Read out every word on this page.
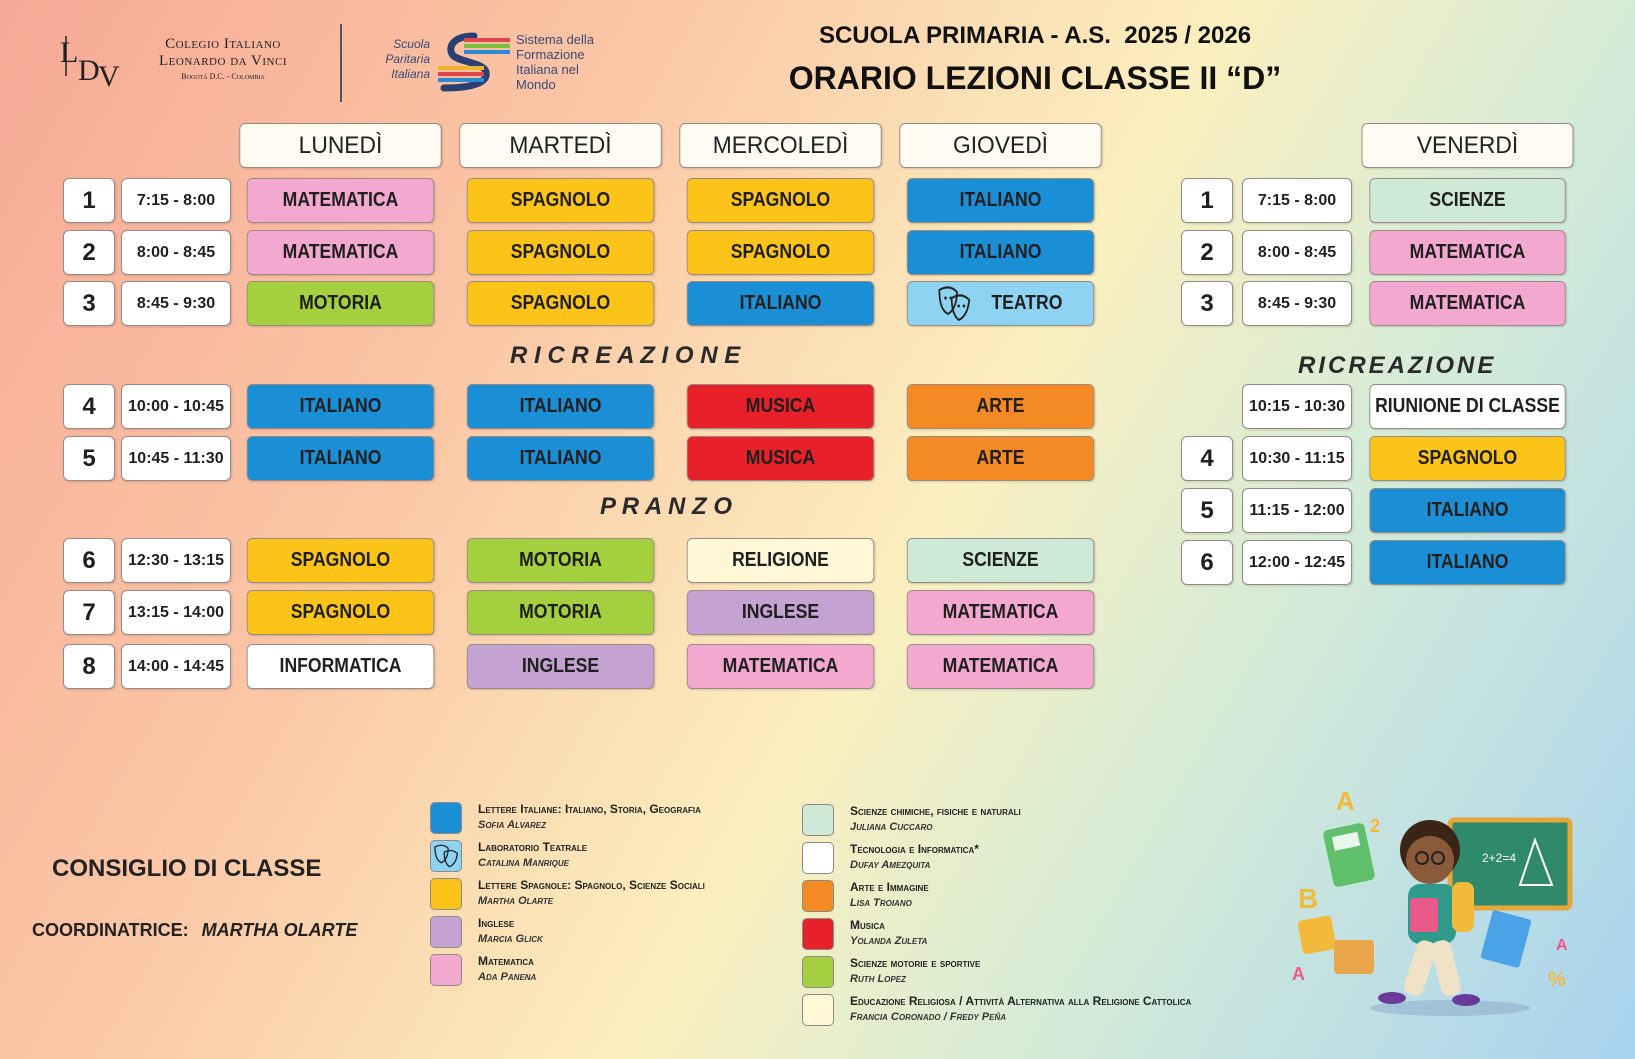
L
D
V
Colegio Italiano
Leonardo da Vinci
Bogotá D.C. - Colombia
Scuola
Paritaria
Italiana
Sistema della
Formazione
Italiana nel
Mondo
SCUOLA PRIMARIA - A.S.  2025 / 2026
ORARIO LEZIONI CLASSE II “D”
LUNEDÌ	MARTEDÌ	MERCOLEDÌ	GIOVEDÌ
1	7:15 - 8:00	MATEMATICA	SPAGNOLO	SPAGNOLO	ITALIANO
2	8:00 - 8:45	MATEMATICA	SPAGNOLO	SPAGNOLO	ITALIANO
3	8:45 - 9:30	MOTORIA	SPAGNOLO	ITALIANO	TEATRO
4	10:00 - 10:45	ITALIANO	ITALIANO	MUSICA	ARTE
5	10:45 - 11:30	ITALIANO	ITALIANO	MUSICA	ARTE
6	12:30 - 13:15	SPAGNOLO	MOTORIA	RELIGIONE	SCIENZE
7	13:15 - 14:00	SPAGNOLO	MOTORIA	INGLESE	MATEMATICA
8	14:00 - 14:45	INFORMATICA	INGLESE	MATEMATICA	MATEMATICA
R I C R E A Z I O N E
P R A N Z O
VENERDÌ
RICREAZIONE
1	7:15 - 8:00	SCIENZE
2	8:00 - 8:45	MATEMATICA
3	8:45 - 9:30	MATEMATICA
10:15 - 10:30	RIUNIONE DI CLASSE
4	10:30 - 11:15	SPAGNOLO
5	11:15 - 12:00	ITALIANO
6	12:00 - 12:45	ITALIANO
CONSIGLIO DI CLASSE
COORDINATRICE: MARTHA OLARTE
Lettere Italiane: Italiano, Storia, Geografia
Sofia Alvarez
Laboratorio Teatrale
Catalina Manrique
Lettere Spagnole: Spagnolo, Scienze Sociali
Martha Olarte
Inglese
Marcia Glick
Matematica
Ada Panena
Scienze chimiche, fisiche e naturali
Juliana Cuccaro
Tecnologia e Informatica*
Dufay Amezquita
Arte e Immagine
Lisa Troiano
Musica
Yolanda Zuleta
Scienze motorie e sportive
Ruth Lopez
Educazione Religiosa / Attività Alternativa alla Religione Cattolica
Francia Coronado / Fredy Peña
2+2=4
B
A
2
%
A
A
